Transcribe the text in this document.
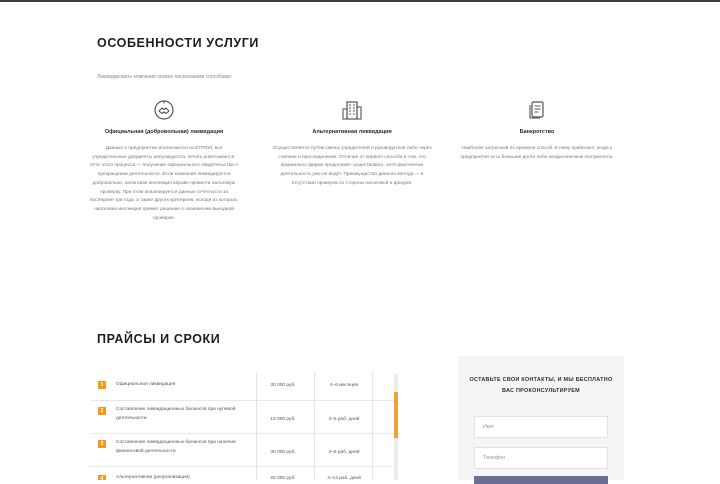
ОСОБЕННОСТИ УСЛУГИ
Ликвидировать компанию можно несколькими способами:
Официальная (добровольная) ликвидация
Данные о предприятии исключаются из ЕГРЮЛ, все учредительные документы аннулируются, печать уничтожается. Итог этого процесса — получение официального свидетельства о прекращении деятельности. Если компания ликвидируется добровольно, налоговая инспекция вправе провести налоговую проверку. При этом анализируется данные отчётности за последние три года, а также других критериев, исходя из которых, налоговая инспекция примет решение о назначении выездной проверки.
Альтернативная ликвидация
Осуществляется путём смены учредителей и руководителя либо через слияние и присоединение. Отличие от первого способа в том, что формально фирма продолжает существовать, хотя фактически деятельность уже не ведёт. Преимущество данного метода — в отсутствии проверок со стороны налоговой и фондов.
Банкротство
Наиболее затратный по времени способ. К нему прибегают, когда у предприятия есть большие долги либо неоднозначные контрагенты.
ПРАЙСЫ И СРОКИ
1	Официальная ликвидация	30 000 руб.	4–6 месяцев
2	Составление ликвидационных балансов при нулевой деятельности	15 000 руб.	3–5 раб. дней
3	Составление ликвидационных балансов при наличии финансовой деятельности	30 000 руб.	3–5 раб. дней
4	Альтернативная (реорганизация)	25 000 руб.	4–12 раб. дней
ОСТАВЬТЕ СВОИ КОНТАКТЫ, И МЫ БЕСПЛАТНО ВАС ПРОКОНСУЛЬТИРУЕМ
Имя
Телефон
